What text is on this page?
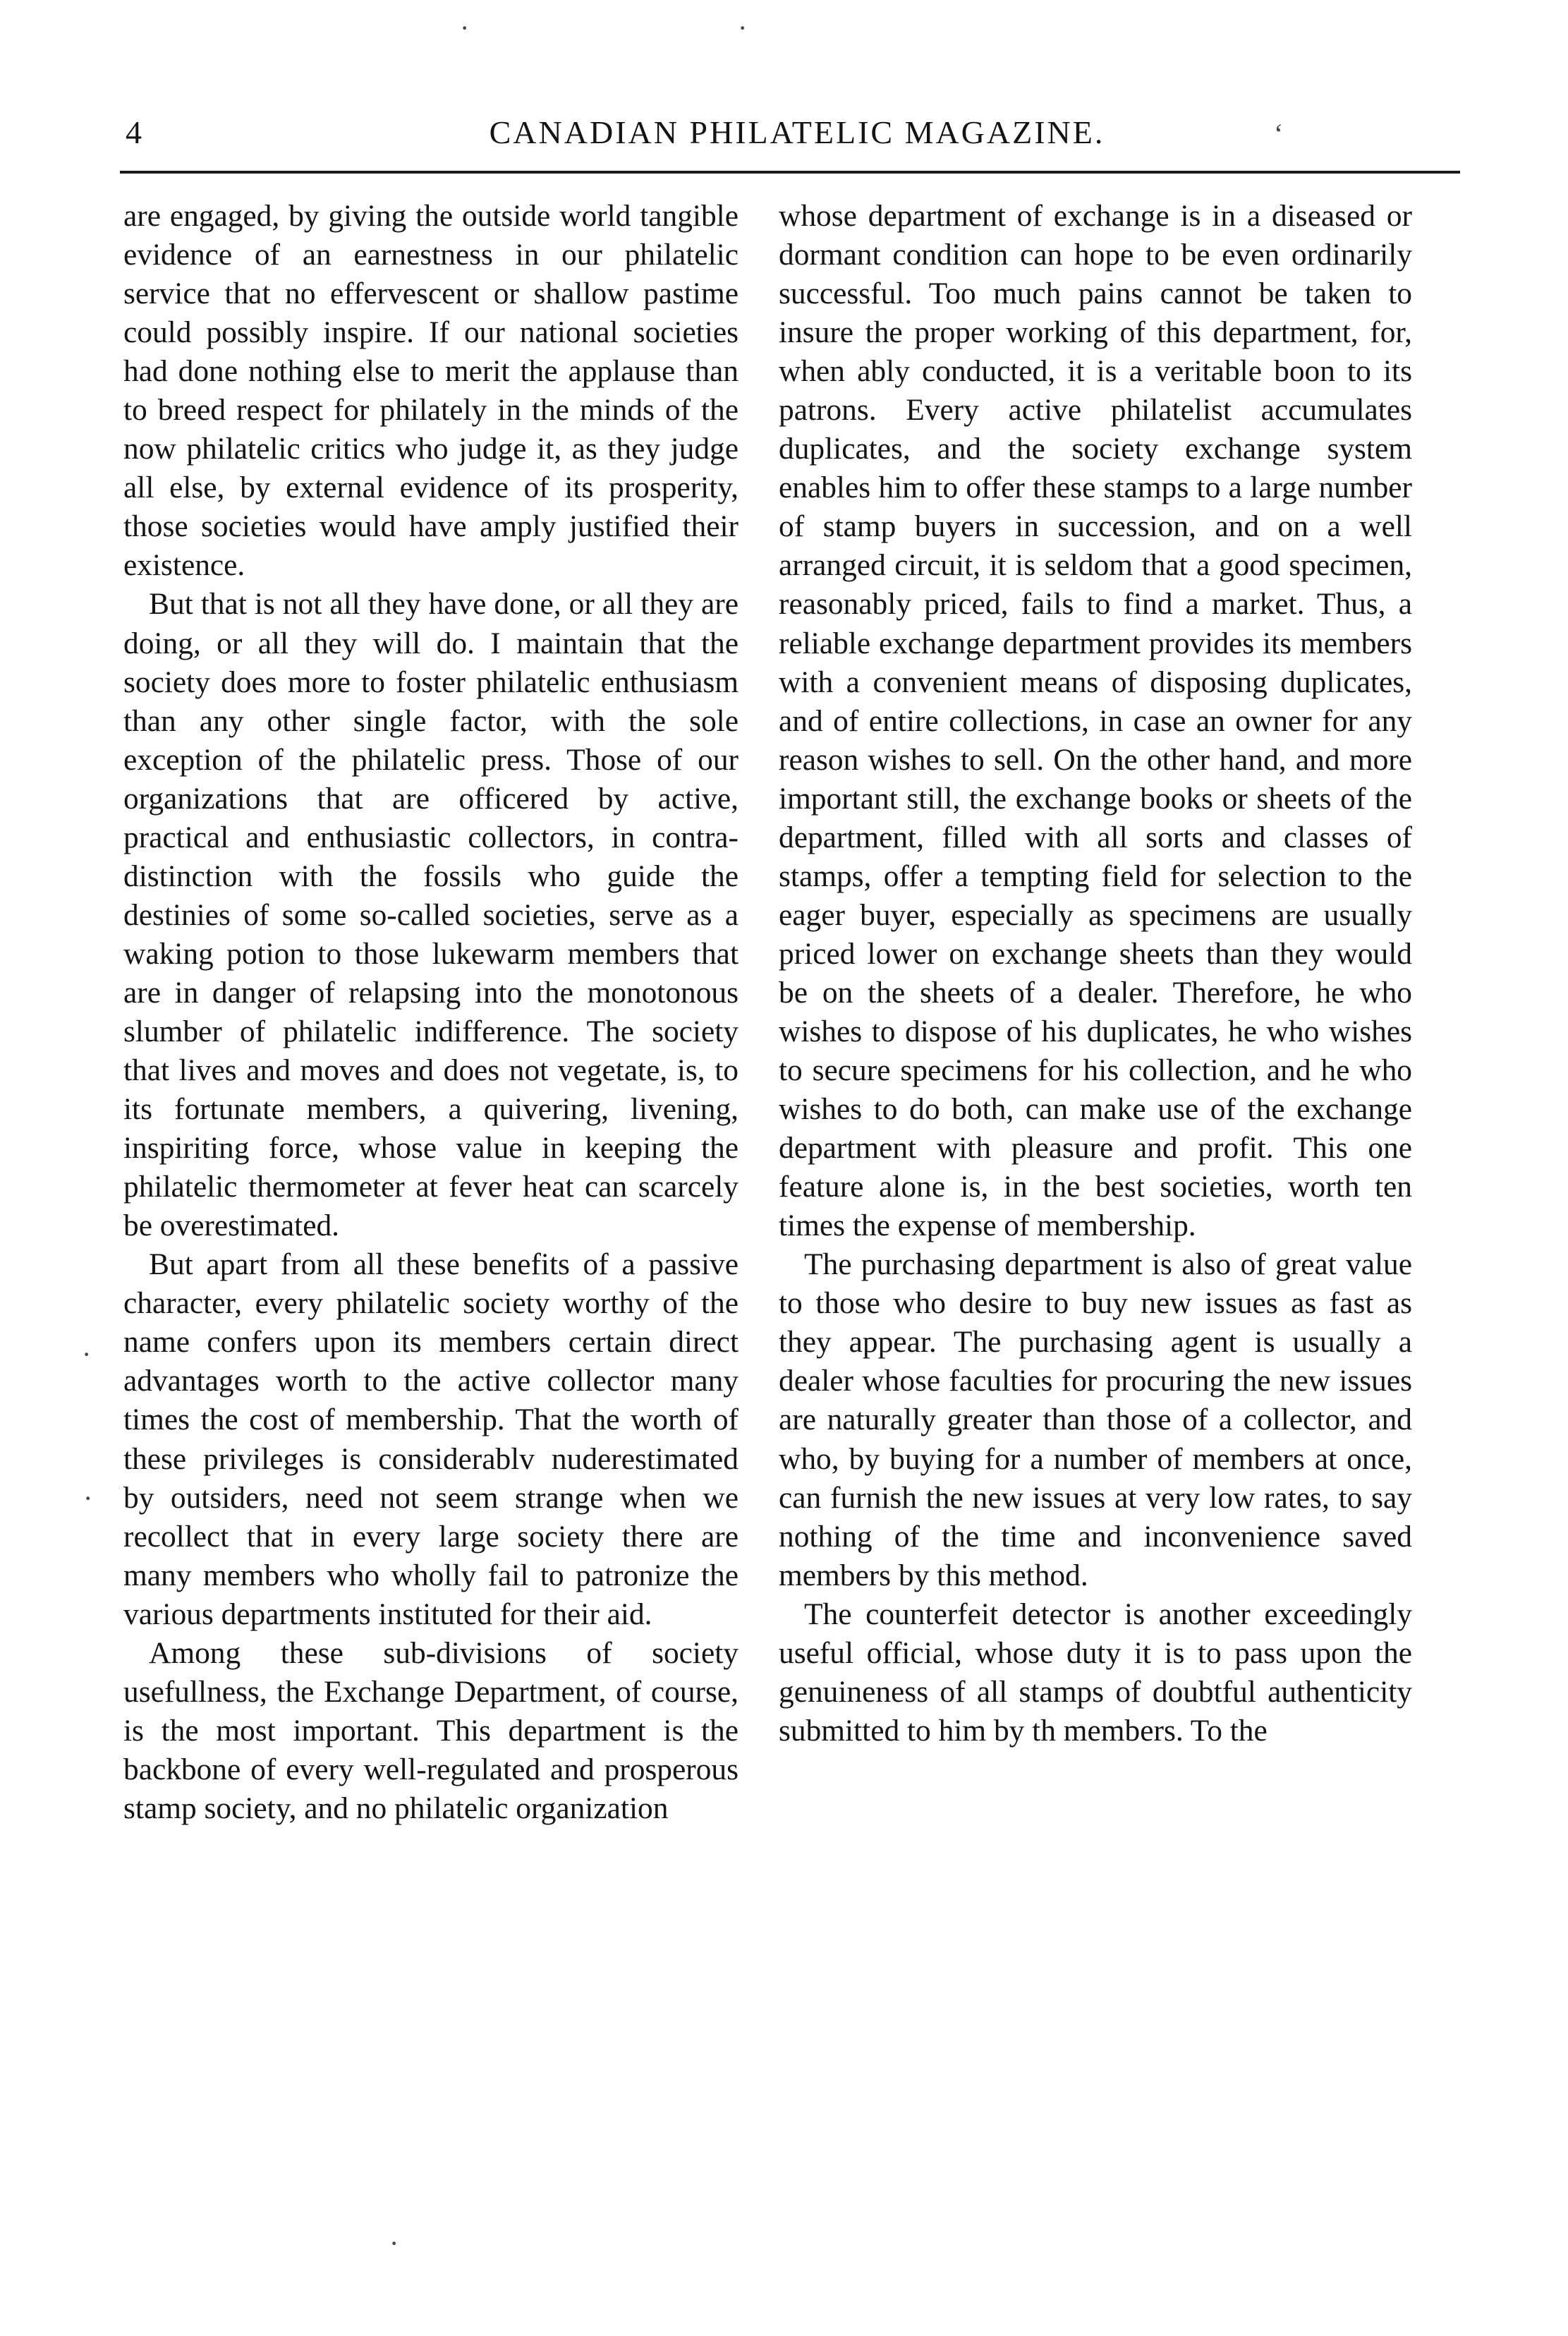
4	CANADIAN PHILATELIC MAGAZINE.

are engaged, by giving the outside world tangible evidence of an earnestness in our philatelic service that no effervescent or shallow pastime could possibly inspire. If our national societies had done nothing else to merit the applause than to breed respect for philately in the minds of the now philatelic critics who judge it, as they judge all else, by external evidence of its prosperity, those societies would have amply justified their existence.

But that is not all they have done, or all they are doing, or all they will do. I maintain that the society does more to foster philatelic enthusiasm than any other single factor, with the sole exception of the philatelic press. Those of our organizations that are officered by active, practical and enthusiastic collectors, in contra-distinction with the fossils who guide the destinies of some so-called societies, serve as a waking potion to those lukewarm members that are in danger of relapsing into the monotonous slumber of philatelic indifference. The society that lives and moves and does not vegetate, is, to its fortunate members, a quivering, livening, inspiriting force, whose value in keeping the philatelic thermometer at fever heat can scarcely be overestimated.

But apart from all these benefits of a passive character, every philatelic society worthy of the name confers upon its members certain direct advantages worth to the active collector many times the cost of membership. That the worth of these privileges is considerablv nuderestimated by outsiders, need not seem strange when we recollect that in every large society there are many members who wholly fail to patronize the various departments instituted for their aid.

Among these sub-divisions of society usefullness, the Exchange Department, of course, is the most important. This department is the backbone of every well-regulated and prosperous stamp society, and no philatelic organization

whose department of exchange is in a diseased or dormant condition can hope to be even ordinarily successful. Too much pains cannot be taken to insure the proper working of this department, for, when ably conducted, it is a veritable boon to its patrons. Every active philatelist accumulates duplicates, and the society exchange system enables him to offer these stamps to a large number of stamp buyers in succession, and on a well arranged circuit, it is seldom that a good specimen, reasonably priced, fails to find a market. Thus, a reliable exchange department provides its members with a convenient means of disposing duplicates, and of entire collections, in case an owner for any reason wishes to sell. On the other hand, and more important still, the exchange books or sheets of the department, filled with all sorts and classes of stamps, offer a tempting field for selection to the eager buyer, especially as specimens are usually priced lower on exchange sheets than they would be on the sheets of a dealer. Therefore, he who wishes to dispose of his duplicates, he who wishes to secure specimens for his collection, and he who wishes to do both, can make use of the exchange department with pleasure and profit. This one feature alone is, in the best societies, worth ten times the expense of membership.

The purchasing department is also of great value to those who desire to buy new issues as fast as they appear. The purchasing agent is usually a dealer whose faculties for procuring the new issues are naturally greater than those of a collector, and who, by buying for a number of members at once, can furnish the new issues at very low rates, to say nothing of the time and inconvenience saved members by this method.

The counterfeit detector is another exceedingly useful official, whose duty it is to pass upon the genuineness of all stamps of doubtful authenticity submitted to him by th members. To the

·	·
‘
·
·
·
